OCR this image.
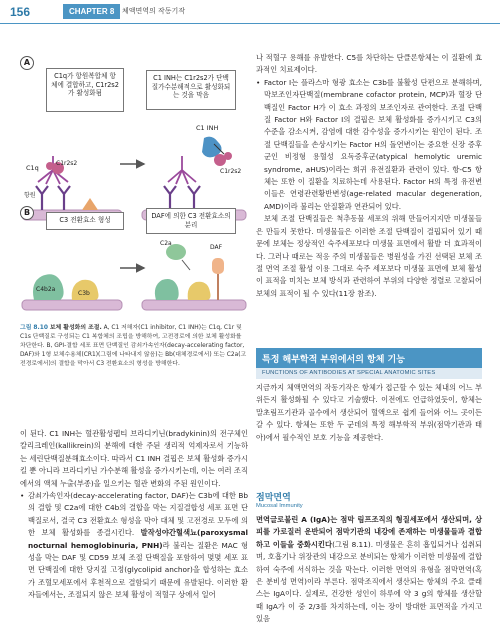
156	CHAPTER 8	체액면역의 작동기작
A
C1q가 항원복합체 항체에 결합하고, C1r2s2가 활성화됨
C1 INH는 C1r2s2가 단백질가수분해적으로 활성화되는 것을 막음
C1q
C1r2s2
C1 INH
C1r2s2
항원
B
C3 전환효소 형성	DAF에 의한 C3 전환효소의 분리
C4b2a
C3b
DAF
C2a
그림 8.10 보체 활성화의 조절. A, C1 저해자(C1 inhibitor, C1 INH)는 C1q, C1r 및 C1s 단백질로 구성되는 C1 복합체의 조립을 방해하여, 고전경로에 의한 보체 활성화를 차단한다. B, GPI-결합 세포 표면 단백질인 감쇠가속인자(decay-accelerating factor, DAF)와 1형 보체수용체(CR1)(그림에 나타내지 않음)는 Bb(대체경로에서) 또는 C2a(고전경로에서)의 결합을 막아서 C3 전환효소의 형성을 방해한다.

이 된다. C1 INH는 혈관활성펩티 브라디키닌(bradykinin)의 전구체인 칼리크레인(kallikrein)의 분해에 대한 주된 생리적 억제자로서 기능하는 세린단백질분해효소이다. 따라서 C1 INH 결핍은 보체 활성화 증가시킬 뿐 아니라 브라디키닌 가수분해 활성을 증가시키는데, 이는 여러 조직에서의 액체 누출(부종)을 일으키는 혈관 변화의 주된 원인이다.

• 감쇠가속인자(decay-accelerating factor, DAF)는 C3b에 대한 Bb의 결합 및 C2a에 대한 C4b의 결합을 막는 지질결합성 세포 표면 단백질로서, 결국 C3 전환효소 형성을 막아 대체 및 고전경로 모두에 의한 보체 활성화를 종결시킨다. 발작성야간혈색뇨(paroxysmal nocturnal hemoglobinuria, PNH)라 불리는 질환은 MAC 형성을 막는 DAF 및 CD59 보체 조절 단백질을 포함하여 몇몇 세포 표면 단백질에 대한 당지질 고정(glycolipid anchor)을 합성하는 효소가 조혈모세포에서 후천적으로 결함되기 때문에 유발된다. 이러한 환자들에서는, 조절되지 않은 보체 활성이 적혈구 상에서 일어

나 적혈구 용해를 유발한다. C5를 차단하는 단클론항체는 이 질환에 효과적인 치료제이다.

• Factor I는 플라스마 형광 효소는 C3b를 불활성 단편으로 분해하며, 막보조인자단백질(membrane cofactor protein, MCP)과 혈장 단백질인 Factor H가 이 효소 과정의 보조인자로 관여한다. 조절 단백질 Factor H와 Factor I의 결핍은 보체 활성화를 증가시키고 C3의 수준을 감소시켜, 감염에 대한 감수성을 증가시키는 원인이 된다. 조절 단백질들을 손상시키는 Factor H의 돌연변이는 중요한 신장 증후군인 비정형 용혈성 요독증후군(atypical hemolytic uremic syndrome, aHUS)이라는 희귀 유전질환과 관련이 있다. 항-C5 항체는 또한 이 질환을 치료하는데 사용된다. Factor H의 특정 유전변이들은 연령관련황반변성(age-related macular degeneration, AMD)이라 불리는 안질환과 연관되어 있다.

보체 조절 단백질들은 척추동물 세포의 위해 만들어지지만 미생물들은 만들지 못한다. 미생물들은 이러한 조절 단백질이 결핍되어 있기 때문에 보체는 정상적인 숙주세포보다 미생물 표면에서 활발 더 효과적이다. 그러나 때로는 적응 주의 미생물들은 병원성을 가진 선택된 보체 조절 면역 조절 활성 이용 그대로 숙주 세포보다 미생물 표면에 보체 활성이 표적을 미치는 보체 방식과 관련하여 부위의 다양한 정렬로 고찰되어 보체의 표적이 될 수 있다(11장 참조).

특정 해부학적 부위에서의 항체 기능
FUNCTIONS OF ANTIBODIES AT SPECIAL ANATOMIC SITES

지금까지 체액면역의 작동기작은 항체가 접근할 수 있는 체내의 어느 부위든지 활성화될 수 있다고 기술했다. 이전에도 언급하였듯이, 항체는 말초림프기관과 골수에서 생산되어 혈액으로 쉽게 들어와 어느 곳이든 갈 수 있다. 항체는 또한 두 군데의 특정 해부학적 부위(점막기관과 태아)에서 필수적인 보호 기능을 제공한다.

점막면역
Mucosal Immunity

면역글로불린 A (IgA)는 점막 림프조직의 형질세포에서 생산되며, 상피를 가로질러 운반되어 점막기관의 내강에 존재하는 미생물들과 결합하고 이들을 중화시킨다(그림 8.11). 미생물은 흔히 흡입되거나 섭취되며, 호흡기나 위장관의 내강으로 분비되는 항체가 이러한 미생물에 결합하여 숙주에 서식하는 것을 막는다. 이러한 면역의 유형을 점막면역(혹은 분비성 면역)이라 부른다. 점막조직에서 생산되는 항체의 주요 클래스는 IgA이다. 실제로, 건강한 성인이 하루에 약 3 g의 항체를 생산할 때 IgA가 이 중 2/3를 차지하는데, 이는 장이 방대한 표면적을 가지고 있음
